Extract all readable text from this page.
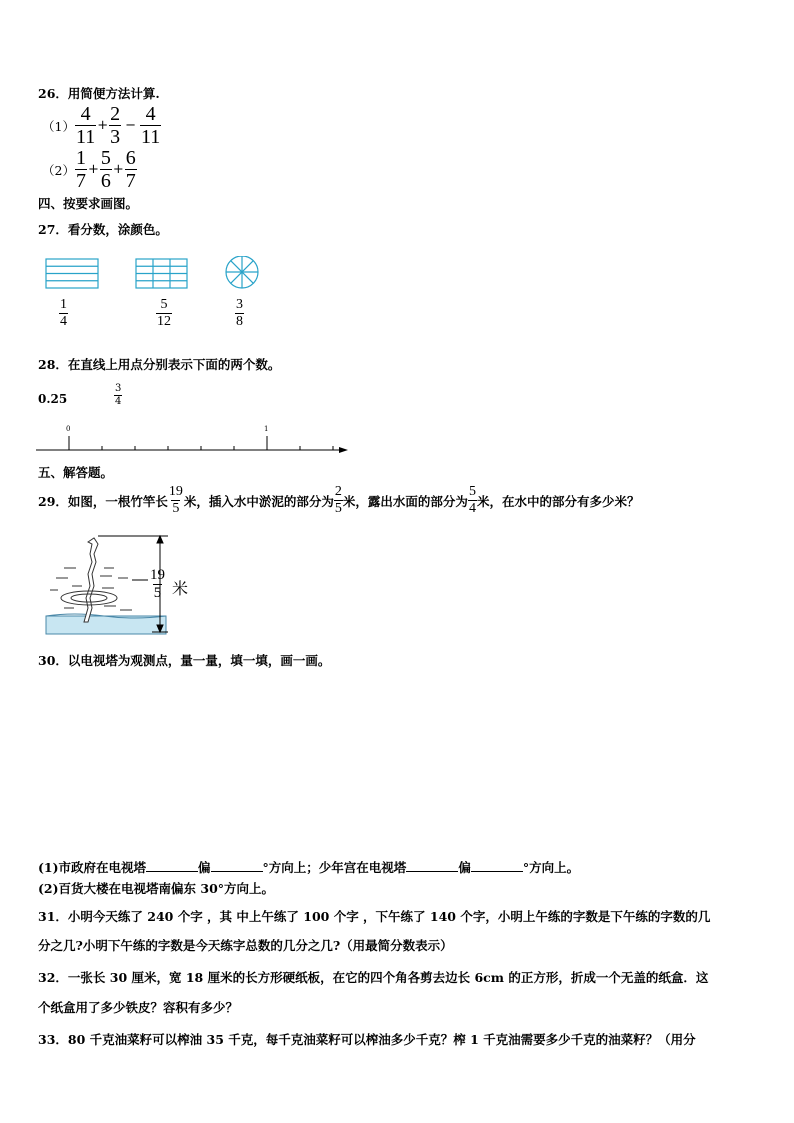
26．用简便方法计算.
$(1) \frac{4}{11} + \frac{2}{3} - \frac{4}{11}$
$(2) \frac{1}{7} + \frac{5}{6} + \frac{6}{7}$
四、按要求画图。
27．看分数，涂颜色。
$\frac{1}{4}$	$\frac{5}{12}$	$\frac{3}{8}$
28．在直线上用点分别表示下面的两个数。
0.25	$\frac{3}{4}$
0	1
五、解答题。
29．如图，一根竹竿长 $\frac{19}{5}$ 米，插入水中淤泥的部分为 $\frac{2}{5}$ 米，露出水面的部分为 $\frac{5}{4}$ 米，在水中的部分有多少米？
$\frac{19}{5}$ 米
30．以电视塔为观测点，量一量，填一填，画一画。
(1)市政府在电视塔	偏	°方向上；少年宫在电视塔	偏	°方向上。
(2)百货大楼在电视塔南偏东 30°方向上。
31．小明今天练了 240 个字 ，其 中上午练了 100 个字 ，下午练了 140 个字，小明上午练的字数是下午练的字数的几
分之几?小明下午练的字数是今天练字总数的几分之几?（用最简分数表示）
32．一张长 30 厘米，宽 18 厘米的长方形硬纸板，在它的四个角各剪去边长 6cm 的正方形，折成一个无盖的纸盒．这
个纸盒用了多少铁皮？容积有多少？
33．80 千克油菜籽可以榨油 35 千克，每千克油菜籽可以榨油多少千克？榨 1 千克油需要多少千克的油菜籽？（用分
